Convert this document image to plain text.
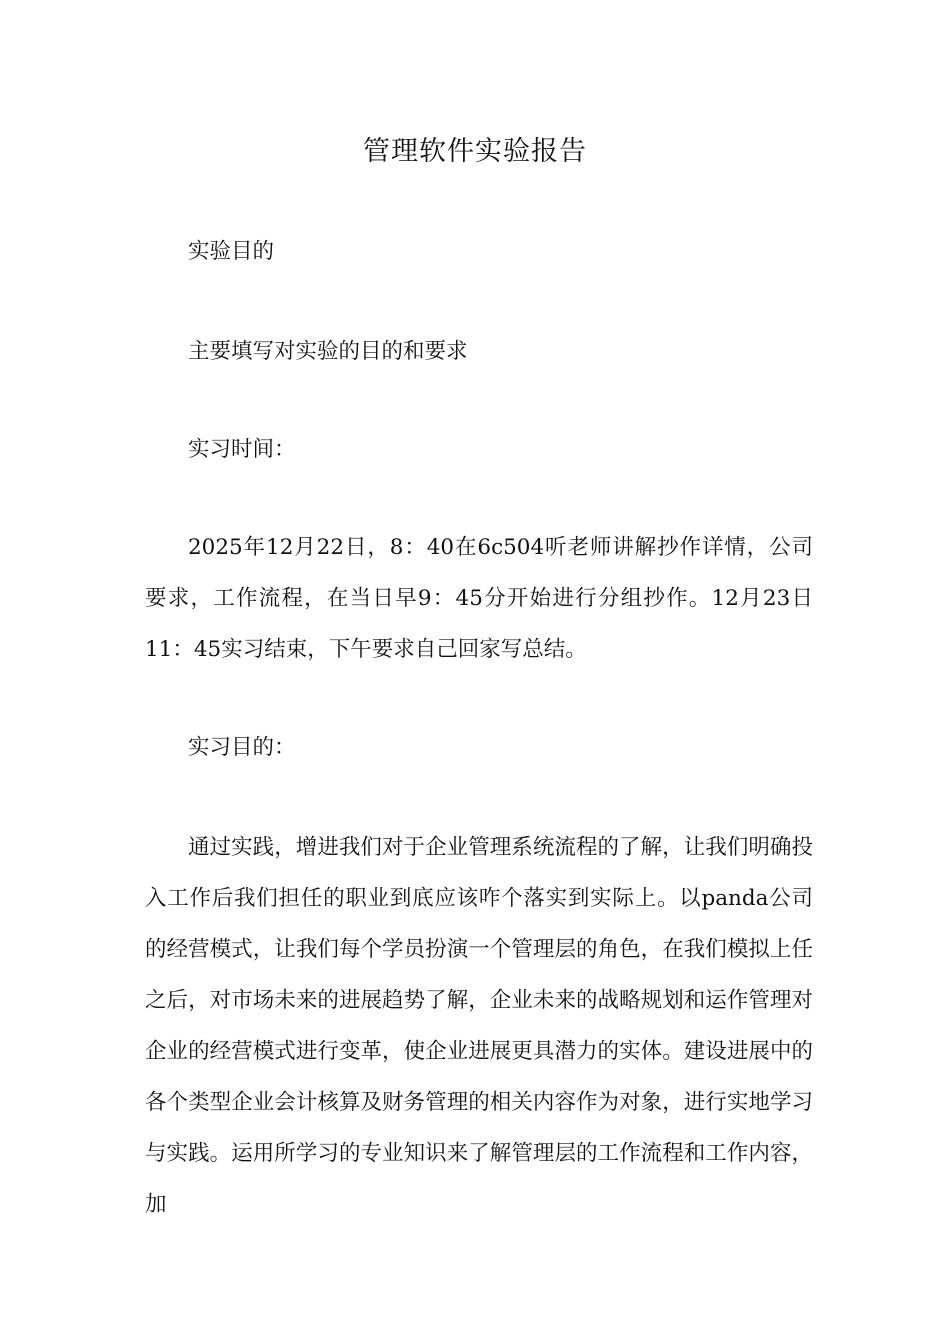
管理软件实验报告

实验目的

主要填写对实验的目的和要求

实习时间：

2025年12月22日，8：40在6c504听老师讲解抄作详情，公司要求，工作流程，在当日早9：45分开始进行分组抄作。12月23日11：45实习结束，下午要求自己回家写总结。

实习目的：

通过实践，增进我们对于企业管理系统流程的了解，让我们明确投入工作后我们担任的职业到底应该咋个落实到实际上。以panda公司的经营模式，让我们每个学员扮演一个管理层的角色，在我们模拟上任之后，对市场未来的进展趋势了解，企业未来的战略规划和运作管理对企业的经营模式进行变革，使企业进展更具潜力的实体。建设进展中的各个类型企业会计核算及财务管理的相关内容作为对象，进行实地学习与实践。运用所学习的专业知识来了解管理层的工作流程和工作内容，加
